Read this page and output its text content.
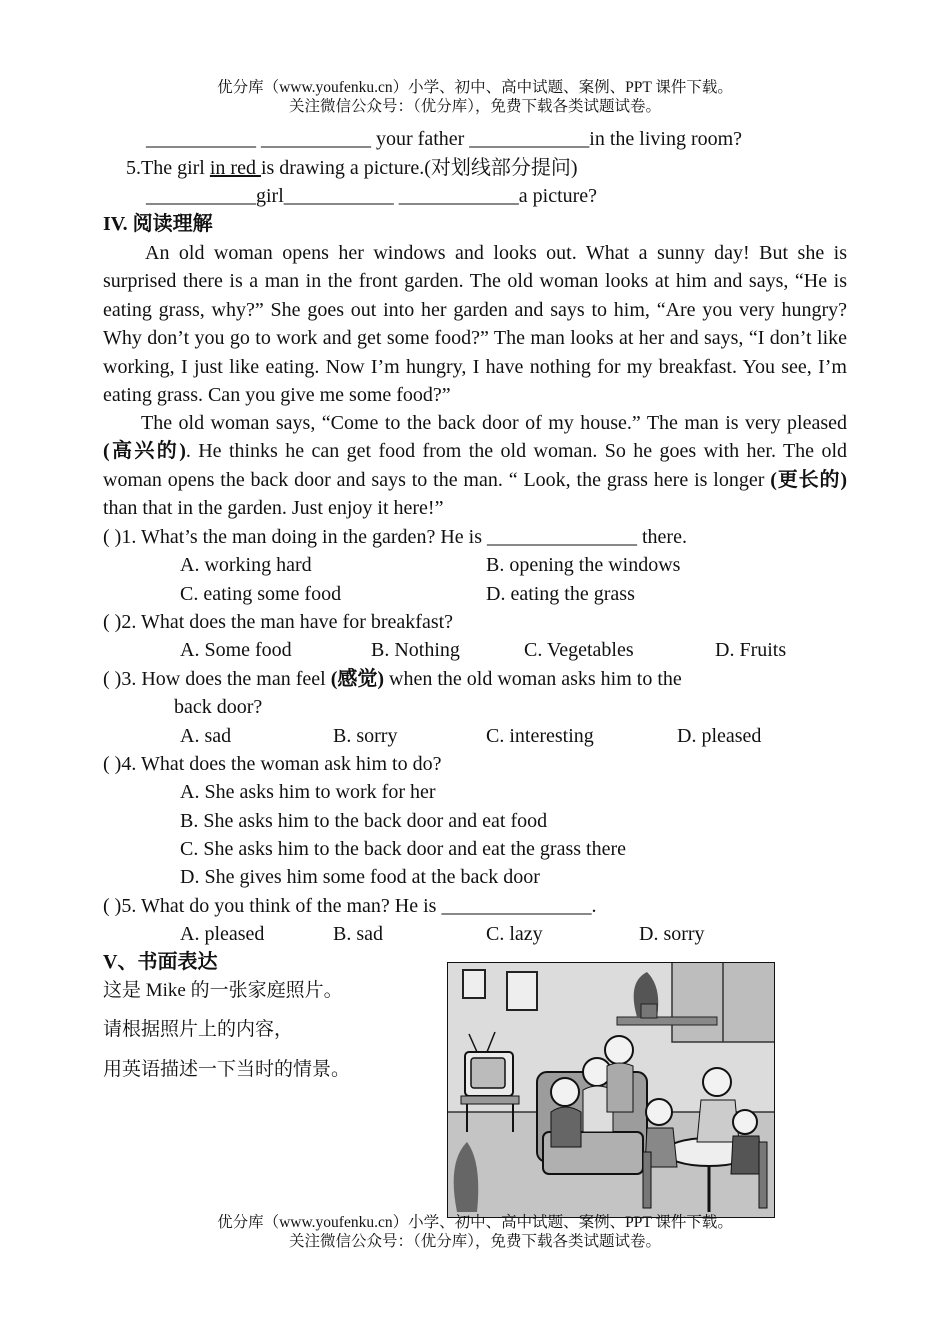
优分库（www.youfenku.cn）小学、初中、高中试题、案例、PPT 课件下载。
关注微信公众号：（优分库），免费下载各类试题试卷。
___________ ___________ your father ____________in the living room?
5.The girl in red is drawing a picture.(对划线部分提问)
___________girl___________ ____________a picture?
IV. 阅读理解
An old woman opens her windows and looks out. What a sunny day! But she is surprised there is a man in the front garden. The old woman looks at him and says, “He is eating grass, why?” She goes out into her garden and says to him, “Are you very hungry? Why don’t you go to work and get some food?” The man looks at her and says, “I don’t like working, I just like eating. Now I’m hungry, I have nothing for my breakfast. You see, I’m eating grass. Can you give me some food?”
The old woman says, “Come to the back door of my house.” The man is very pleased (高兴的). He thinks he can get food from the old woman. So he goes with her. The old woman opens the back door and says to the man. “ Look, the grass here is longer (更长的) than that in the garden. Just enjoy it here!”
( )1. What’s the man doing in the garden? He is _______________ there.
A. working hard	B. opening the windows
C. eating some food	D. eating the grass
( )2. What does the man have for breakfast?
A. Some food	B. Nothing	C. Vegetables	D. Fruits
( )3. How does the man feel (感觉) when the old woman asks him to the
back door?
A. sad	B. sorry	C. interesting	D. pleased
( )4. What does the woman ask him to do?
A. She asks him to work for her
B. She asks him to the back door and eat food
C. She asks him to the back door and eat the grass there
D. She gives him some food at the back door
( )5. What do you think of the man? He is _______________.
A. pleased	B. sad	C. lazy	D. sorry
V、书面表达
这是 Mike 的一张家庭照片。
请根据照片上的内容，
用英语描述一下当时的情景。
优分库（www.youfenku.cn）小学、初中、高中试题、案例、PPT 课件下载。
关注微信公众号：（优分库），免费下载各类试题试卷。
